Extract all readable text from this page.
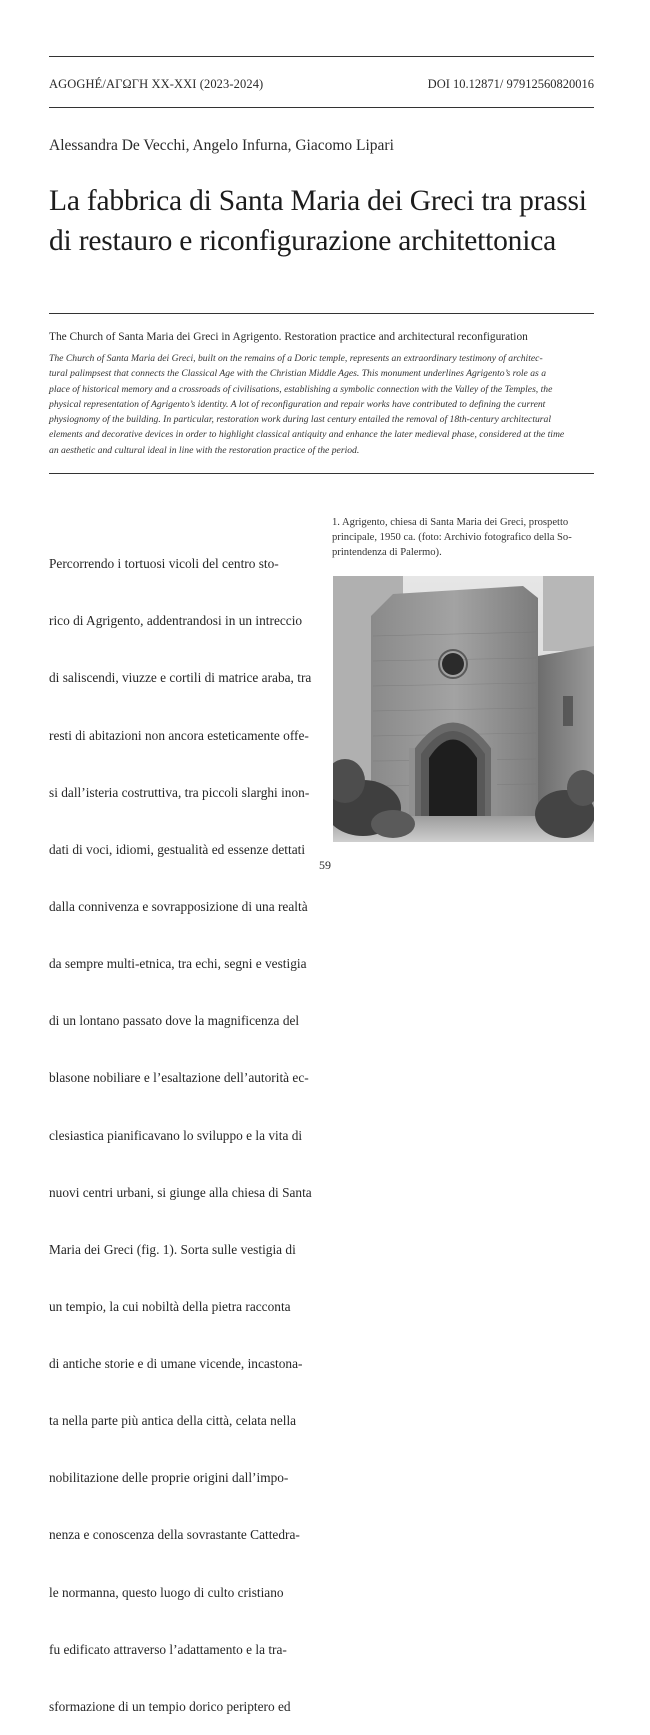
AGOGHÉ/ΑΓΩΓΗ XX-XXI (2023-2024)	DOI 10.12871/ 97912560820016
Alessandra De Vecchi, Angelo Infurna, Giacomo Lipari
La fabbrica di Santa Maria dei Greci tra prassi
di restauro e riconfigurazione architettonica
The Church of Santa Maria dei Greci in Agrigento. Restoration practice and architectural reconfiguration
The Church of Santa Maria dei Greci, built on the remains of a Doric temple, represents an extraordinary testimony of architec-
tural palimpsest that connects the Classical Age with the Christian Middle Ages. This monument underlines Agrigento’s role as a
place of historical memory and a crossroads of civilisations, establishing a symbolic connection with the Valley of the Temples, the
physical representation of Agrigento’s identity. A lot of reconfiguration and repair works have contributed to defining the current
physiognomy of the building. In particular, restoration work during last century entailed the removal of 18th-century architectural
elements and decorative devices in order to highlight classical antiquity and enhance the later medieval phase, considered at the time
an aesthetic and cultural ideal in line with the restoration practice of the period.

Percorrendo i tortuosi vicoli del centro sto-

rico di Agrigento, addentrandosi in un intreccio

di saliscendi, viuzze e cortili di matrice araba, tra

resti di abitazioni non ancora esteticamente offe-

si dall’isteria costruttiva, tra piccoli slarghi inon-

dati di voci, idiomi, gestualità ed essenze dettati

dalla connivenza e sovrapposizione di una realtà

da sempre multi-etnica, tra echi, segni e vestigia

di un lontano passato dove la magnificenza del

blasone nobiliare e l’esaltazione dell’autorità ec-

clesiastica pianificavano lo sviluppo e la vita di

nuovi centri urbani, si giunge alla chiesa di Santa

Maria dei Greci (fig. 1). Sorta sulle vestigia di

un tempio, la cui nobiltà della pietra racconta

di antiche storie e di umane vicende, incastona-

ta nella parte più antica della città, celata nella

nobilitazione delle proprie origini dall’impo-

nenza e conoscenza della sovrastante Cattedra-

le normanna, questo luogo di culto cristiano

fu edificato attraverso l’adattamento e la tra-

sformazione di un tempio dorico periptero ed

1. Agrigento, chiesa di Santa Maria dei Greci, prospetto
principale, 1950 ca. (foto: Archivio fotografico della So-
printendenza di Palermo).
59
